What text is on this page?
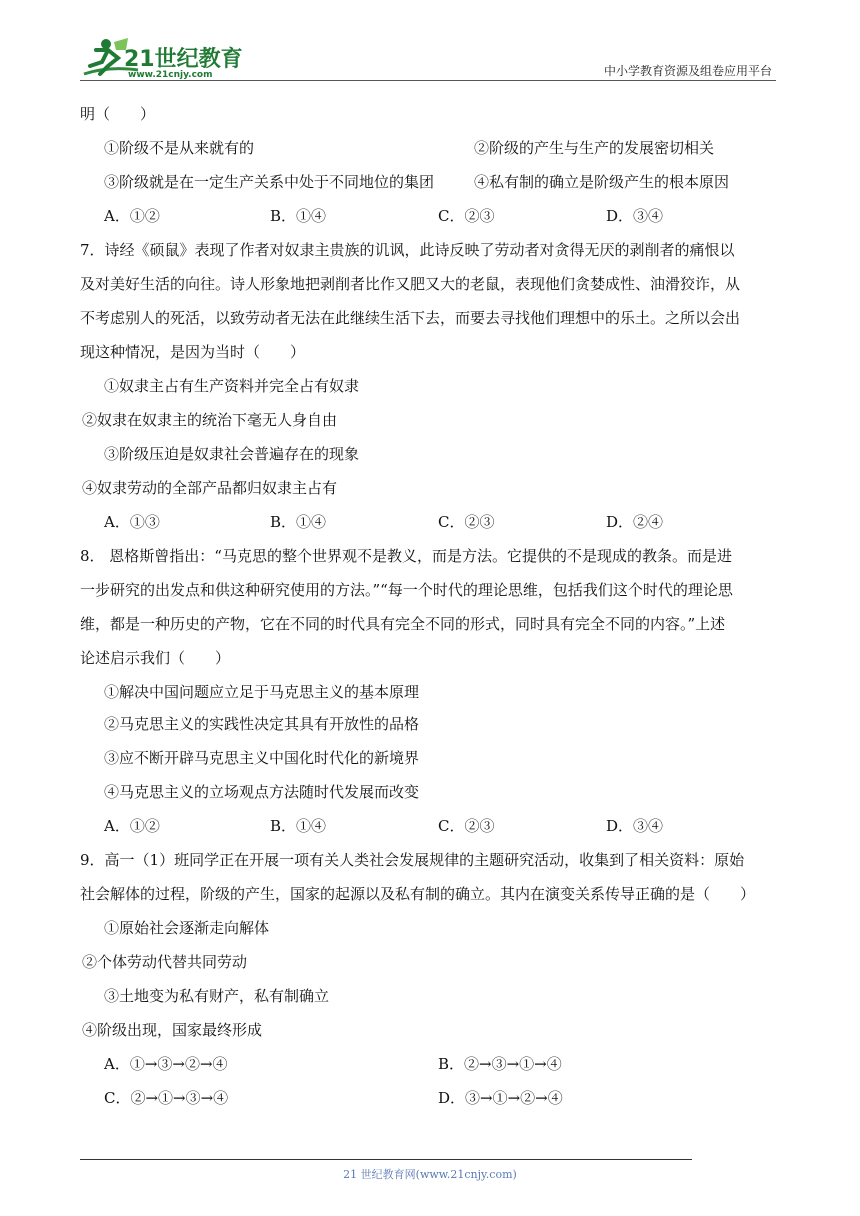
21世纪教育
www.21cnjy.com	中小学教育资源及组卷应用平台
明（　　）
①阶级不是从来就有的	②阶级的产生与生产的发展密切相关
③阶级就是在一定生产关系中处于不同地位的集团	④私有制的确立是阶级产生的根本原因
A．①②	B．①④	C．②③	D．③④
7．诗经《硕鼠》表现了作者对奴隶主贵族的讥讽，此诗反映了劳动者对贪得无厌的剥削者的痛恨以
及对美好生活的向往。诗人形象地把剥削者比作又肥又大的老鼠，表现他们贪婪成性、油滑狡诈，从
不考虑别人的死活，以致劳动者无法在此继续生活下去，而要去寻找他们理想中的乐土。之所以会出
现这种情况，是因为当时（　　）
①奴隶主占有生产资料并完全占有奴隶
②奴隶在奴隶主的统治下毫无人身自由
③阶级压迫是奴隶社会普遍存在的现象
④奴隶劳动的全部产品都归奴隶主占有
A．①③	B．①④	C．②③	D．②④
8． 恩格斯曾指出：“马克思的整个世界观不是教义，而是方法。它提供的不是现成的教条。而是进
一步研究的出发点和供这种研究使用的方法。”“每一个时代的理论思维，包括我们这个时代的理论思
维，都是一种历史的产物，它在不同的时代具有完全不同的形式，同时具有完全不同的内容。”上述
论述启示我们（　　）
①解决中国问题应立足于马克思主义的基本原理
②马克思主义的实践性决定其具有开放性的品格
③应不断开辟马克思主义中国化时代化的新境界
④马克思主义的立场观点方法随时代发展而改变
A．①②	B．①④	C．②③	D．③④
9．高一（1）班同学正在开展一项有关人类社会发展规律的主题研究活动，收集到了相关资料：原始
社会解体的过程，阶级的产生，国家的起源以及私有制的确立。其内在演变关系传导正确的是（　　）
①原始社会逐渐走向解体
②个体劳动代替共同劳动
③土地变为私有财产，私有制确立
④阶级出现，国家最终形成
A．①→③→②→④	B．②→③→①→④
C．②→①→③→④	D．③→①→②→④
21 世纪教育网(www.21cnjy.com)
